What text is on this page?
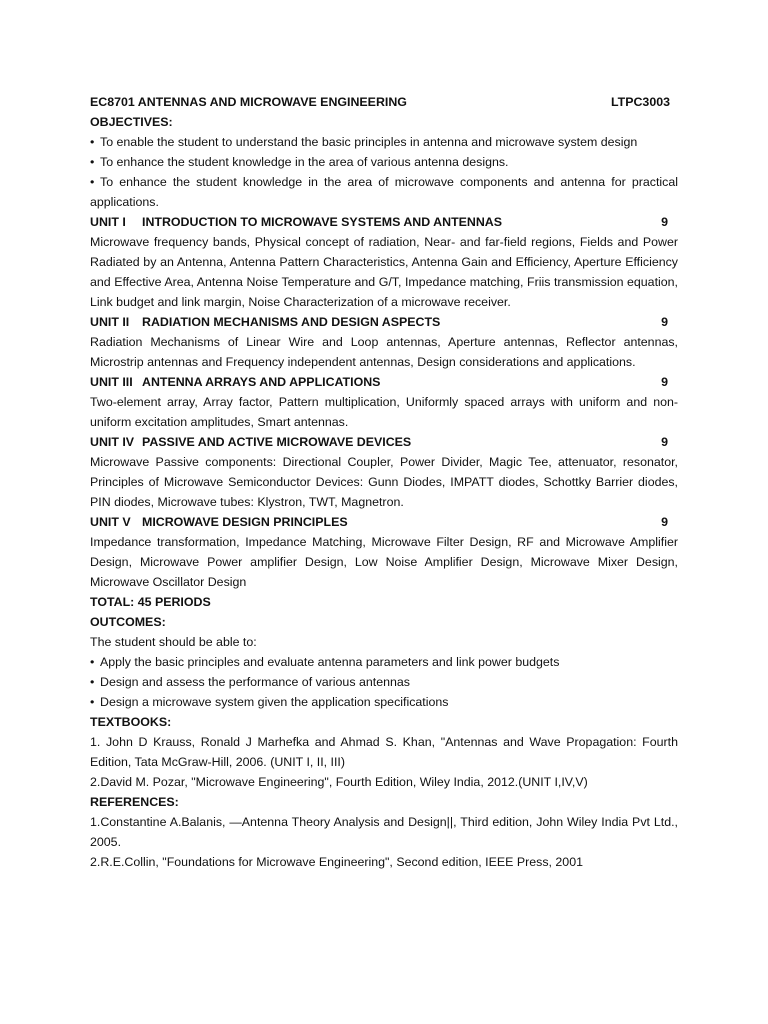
EC8701 ANTENNAS AND MICROWAVE ENGINEERING	LTPC3003
OBJECTIVES:
• To enable the student to understand the basic principles in antenna and microwave system design
• To enhance the student knowledge in the area of various antenna designs.
• To enhance the student knowledge in the area of microwave components and antenna for practical applications.
UNIT I INTRODUCTION TO MICROWAVE SYSTEMS AND ANTENNAS	9
Microwave frequency bands, Physical concept of radiation, Near- and far-field regions, Fields and Power Radiated by an Antenna, Antenna Pattern Characteristics, Antenna Gain and Efficiency, Aperture Efficiency and Effective Area, Antenna Noise Temperature and G/T, Impedance matching, Friis transmission equation, Link budget and link margin, Noise Characterization of a microwave receiver.
UNIT II RADIATION MECHANISMS AND DESIGN ASPECTS	9
Radiation Mechanisms of Linear Wire and Loop antennas, Aperture antennas, Reflector antennas, Microstrip antennas and Frequency independent antennas, Design considerations and applications.
UNIT III ANTENNA ARRAYS AND APPLICATIONS	9
Two-element array, Array factor, Pattern multiplication, Uniformly spaced arrays with uniform and non-uniform excitation amplitudes, Smart antennas.
UNIT IV PASSIVE AND ACTIVE MICROWAVE DEVICES	9
Microwave Passive components: Directional Coupler, Power Divider, Magic Tee, attenuator, resonator, Principles of Microwave Semiconductor Devices: Gunn Diodes, IMPATT diodes, Schottky Barrier diodes, PIN diodes, Microwave tubes: Klystron, TWT, Magnetron.
UNIT V MICROWAVE DESIGN PRINCIPLES	9
Impedance transformation, Impedance Matching, Microwave Filter Design, RF and Microwave Amplifier Design, Microwave Power amplifier Design, Low Noise Amplifier Design, Microwave Mixer Design, Microwave Oscillator Design
TOTAL: 45 PERIODS
OUTCOMES:
The student should be able to:
• Apply the basic principles and evaluate antenna parameters and link power budgets
• Design and assess the performance of various antennas
• Design a microwave system given the application specifications
TEXTBOOKS:
1. John D Krauss, Ronald J Marhefka and Ahmad S. Khan, "Antennas and Wave Propagation: Fourth Edition, Tata McGraw-Hill, 2006. (UNIT I, II, III)
2.David M. Pozar, "Microwave Engineering", Fourth Edition, Wiley India, 2012.(UNIT I,IV,V)
REFERENCES:
1.Constantine A.Balanis, —Antenna Theory Analysis and Design||, Third edition, John Wiley India Pvt Ltd., 2005.
2.R.E.Collin, "Foundations for Microwave Engineering", Second edition, IEEE Press, 2001
